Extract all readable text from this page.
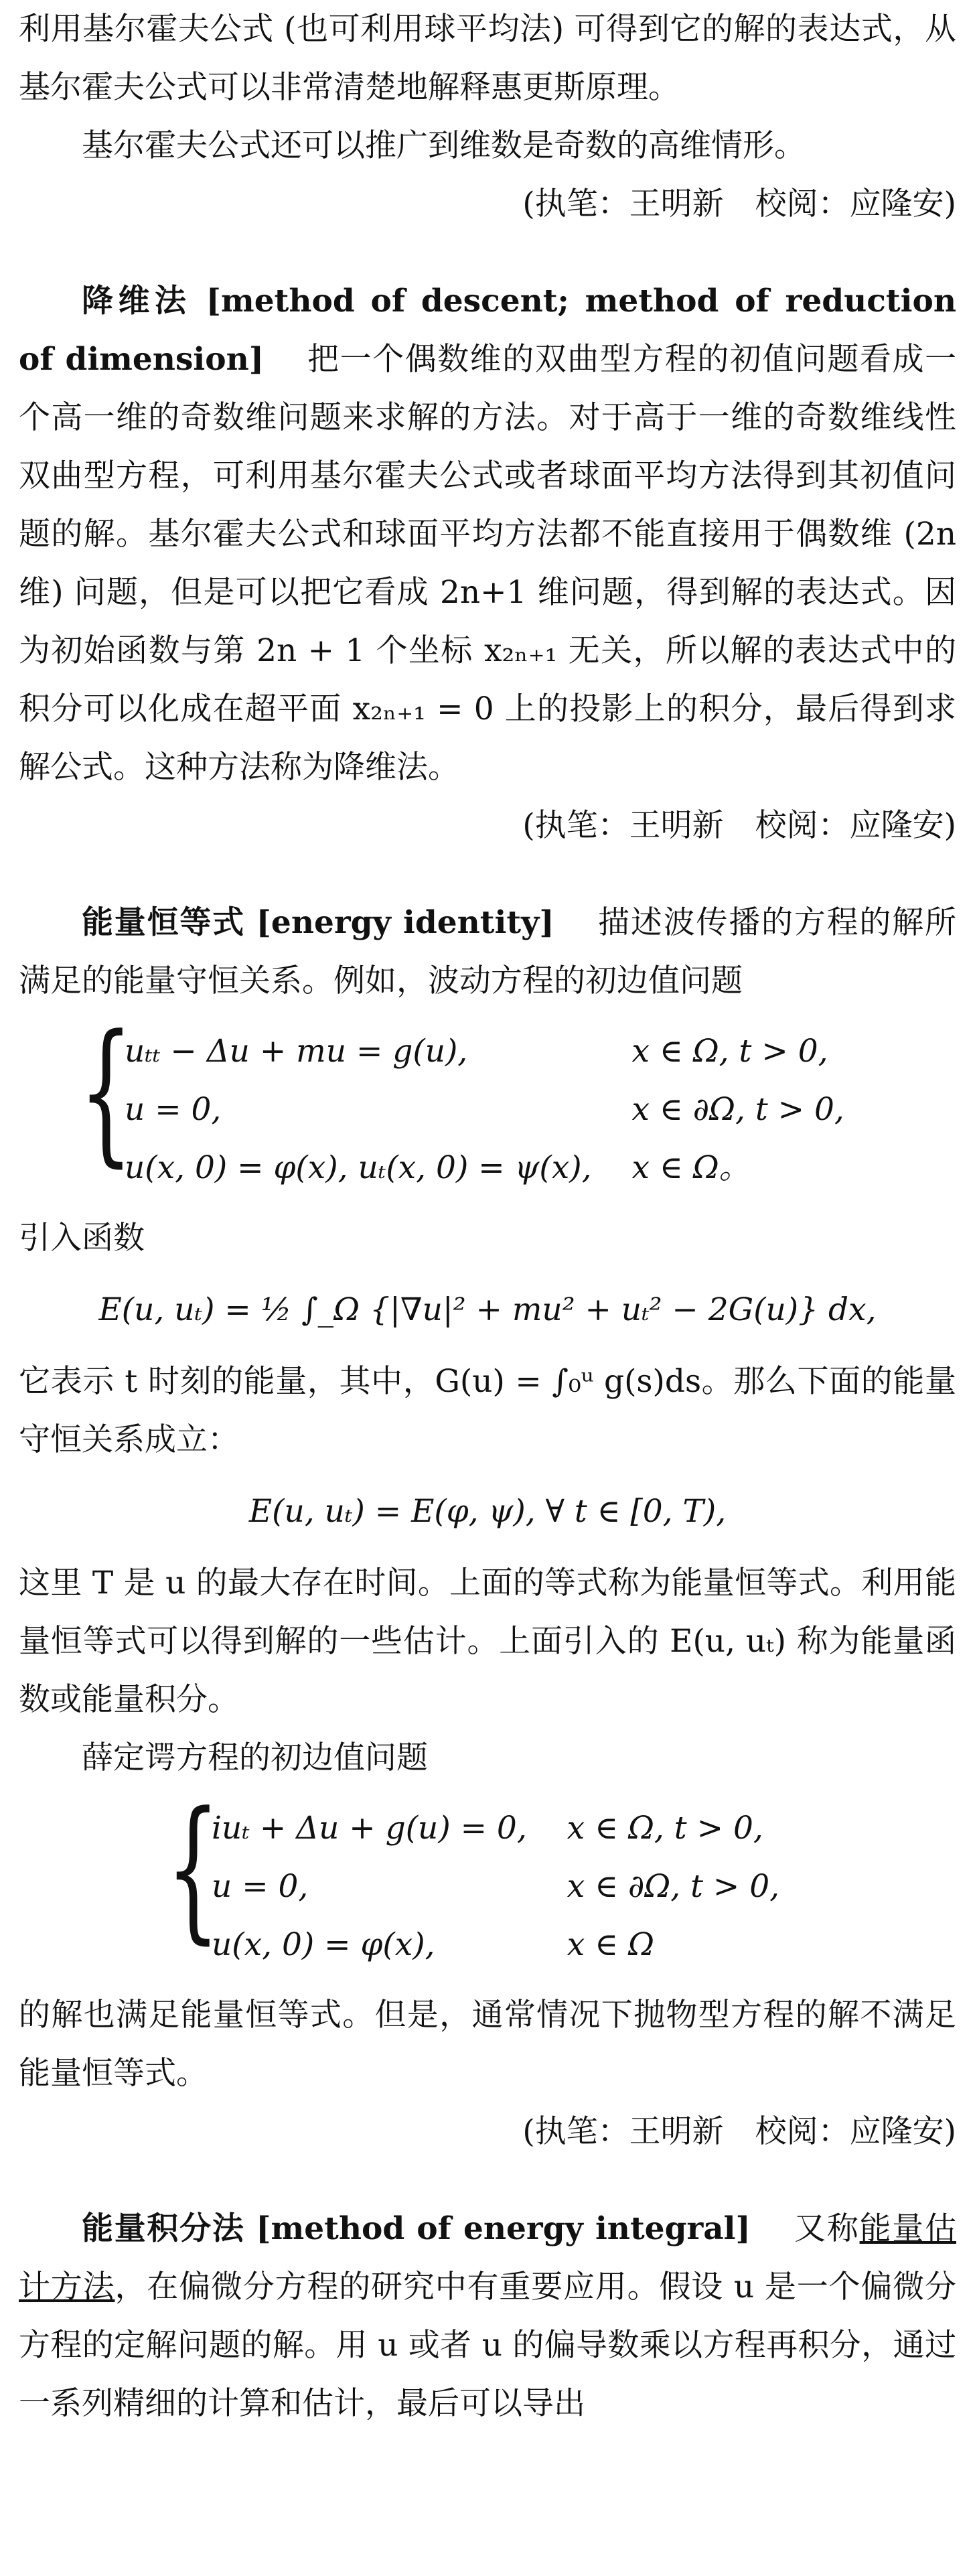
利用基尔霍夫公式 (也可利用球平均法) 可得到它的解的表达式，从基尔霍夫公式可以非常清楚地解释惠更斯原理。

基尔霍夫公式还可以推广到维数是奇数的高维情形。

(执笔：王明新　校阅：应隆安)

降维法 [method of descent; method of reduction of dimension] 　 把一个偶数维的双曲型方程的初值问题看成一个高一维的奇数维问题来求解的方法。对于高于一维的奇数维线性双曲型方程，可利用基尔霍夫公式或者球面平均方法得到其初值问题的解。基尔霍夫公式和球面平均方法都不能直接用于偶数维 (2n 维) 问题，但是可以把它看成 2n+1 维问题，得到解的表达式。因为初始函数与第 2n + 1 个坐标 x₂ₙ₊₁ 无关，所以解的表达式中的积分可以化成在超平面 x₂ₙ₊₁ = 0 上的投影上的积分，最后得到求解公式。这种方法称为降维法。

(执笔：王明新　校阅：应隆安)

能量恒等式 [energy identity] 　 描述波传播的方程的解所满足的能量守恒关系。例如，波动方程的初边值问题

{
uₜₜ − Δu + mu = g(u),	x ∈ Ω, t > 0,
u = 0,	x ∈ ∂Ω, t > 0,
u(x, 0) = φ(x), uₜ(x, 0) = ψ(x), x ∈ Ω。

引入函数

E(u, uₜ) = ½ ∫_Ω {|∇u|² + mu² + uₜ² − 2G(u)} dx,

它表示 t 时刻的能量，其中，G(u) = ∫₀ᵘ g(s)ds。那么下面的能量守恒关系成立：

E(u, uₜ) = E(φ, ψ), ∀ t ∈ [0, T),

这里 T 是 u 的最大存在时间。上面的等式称为能量恒等式。利用能量恒等式可以得到解的一些估计。上面引入的 E(u, uₜ) 称为能量函数或能量积分。

薛定谔方程的初边值问题

{
iuₜ + Δu + g(u) = 0, x ∈ Ω, t > 0,
u = 0,	x ∈ ∂Ω, t > 0,
u(x, 0) = φ(x),	x ∈ Ω

的解也满足能量恒等式。但是，通常情况下抛物型方程的解不满足能量恒等式。

(执笔：王明新　校阅：应隆安)

能量积分法 [method of energy integral] 　 又称能量估计方法，在偏微分方程的研究中有重要应用。假设 u 是一个偏微分方程的定解问题的解。用 u 或者 u 的偏导数乘以方程再积分，通过一系列精细的计算和估计，最后可以导出
